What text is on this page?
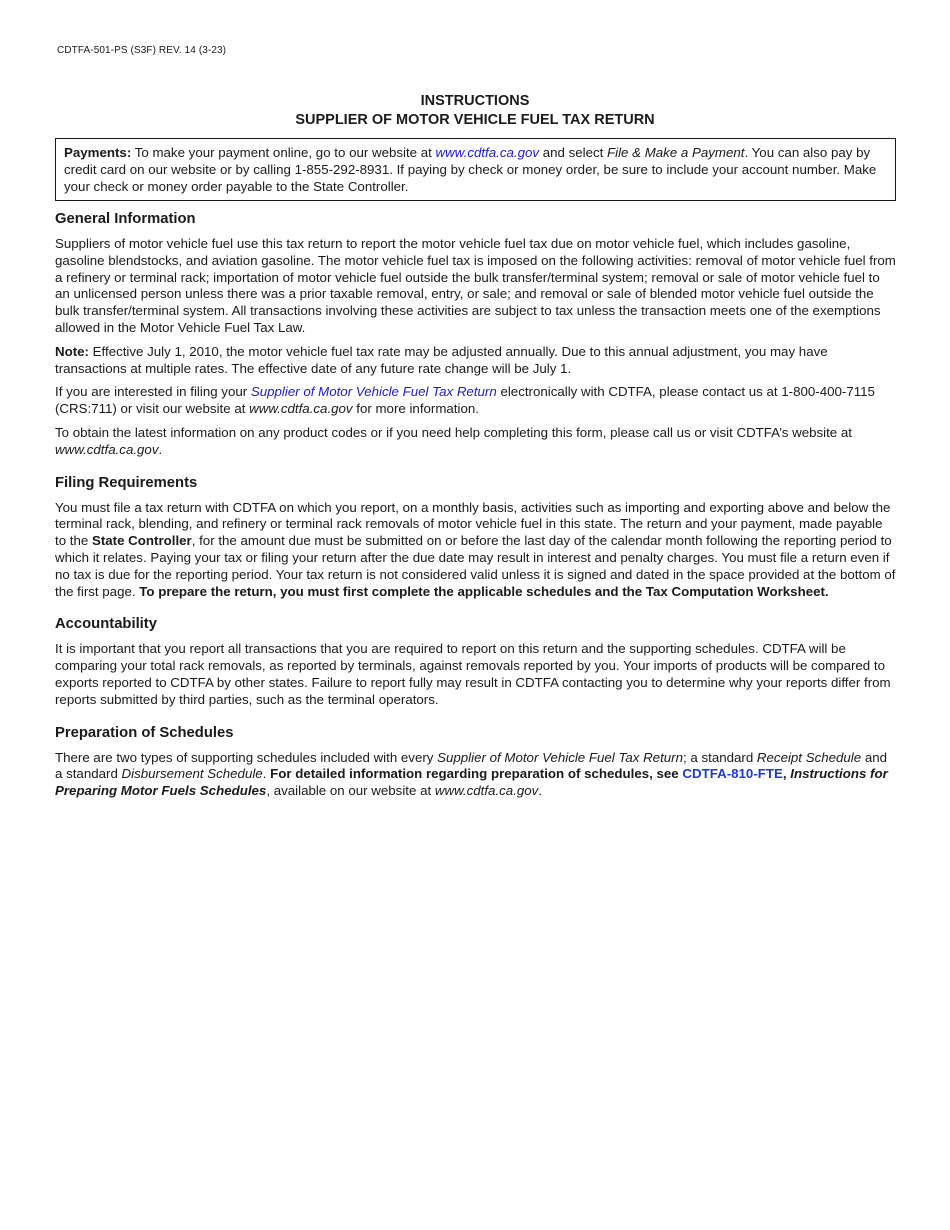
CDTFA-501-PS (S3F) REV. 14 (3-23)
INSTRUCTIONS
SUPPLIER OF MOTOR VEHICLE FUEL TAX RETURN
Payments: To make your payment online, go to our website at www.cdtfa.ca.gov and select File & Make a Payment. You can also pay by credit card on our website or by calling 1-855-292-8931. If paying by check or money order, be sure to include your account number. Make your check or money order payable to the State Controller.
General Information

Suppliers of motor vehicle fuel use this tax return to report the motor vehicle fuel tax due on motor vehicle fuel, which includes gasoline, gasoline blendstocks, and aviation gasoline. The motor vehicle fuel tax is imposed on the following activities: removal of motor vehicle fuel from a refinery or terminal rack; importation of motor vehicle fuel outside the bulk transfer/terminal system; removal or sale of motor vehicle fuel to an unlicensed person unless there was a prior taxable removal, entry, or sale; and removal or sale of blended motor vehicle fuel outside the bulk transfer/terminal system. All transactions involving these activities are subject to tax unless the transaction meets one of the exemptions allowed in the Motor Vehicle Fuel Tax Law.

Note: Effective July 1, 2010, the motor vehicle fuel tax rate may be adjusted annually. Due to this annual adjustment, you may have transactions at multiple rates. The effective date of any future rate change will be July 1.

If you are interested in filing your Supplier of Motor Vehicle Fuel Tax Return electronically with CDTFA, please contact us at 1-800-400-7115 (CRS:711) or visit our website at www.cdtfa.ca.gov for more information.

To obtain the latest information on any product codes or if you need help completing this form, please call us or visit CDTFA’s website at www.cdtfa.ca.gov.

Filing Requirements

You must file a tax return with CDTFA on which you report, on a monthly basis, activities such as importing and exporting above and below the terminal rack, blending, and refinery or terminal rack removals of motor vehicle fuel in this state. The return and your payment, made payable to the State Controller, for the amount due must be submitted on or before the last day of the calendar month following the reporting period to which it relates. Paying your tax or filing your return after the due date may result in interest and penalty charges. You must file a return even if no tax is due for the reporting period. Your tax return is not considered valid unless it is signed and dated in the space provided at the bottom of the first page. To prepare the return, you must first complete the applicable schedules and the Tax Computation Worksheet.

Accountability

It is important that you report all transactions that you are required to report on this return and the supporting schedules. CDTFA will be comparing your total rack removals, as reported by terminals, against removals reported by you. Your imports of products will be compared to exports reported to CDTFA by other states. Failure to report fully may result in CDTFA contacting you to determine why your reports differ from reports submitted by third parties, such as the terminal operators.

Preparation of Schedules

There are two types of supporting schedules included with every Supplier of Motor Vehicle Fuel Tax Return; a standard Receipt Schedule and a standard Disbursement Schedule. For detailed information regarding preparation of schedules, see CDTFA-810-FTE, Instructions for Preparing Motor Fuels Schedules, available on our website at www.cdtfa.ca.gov.
